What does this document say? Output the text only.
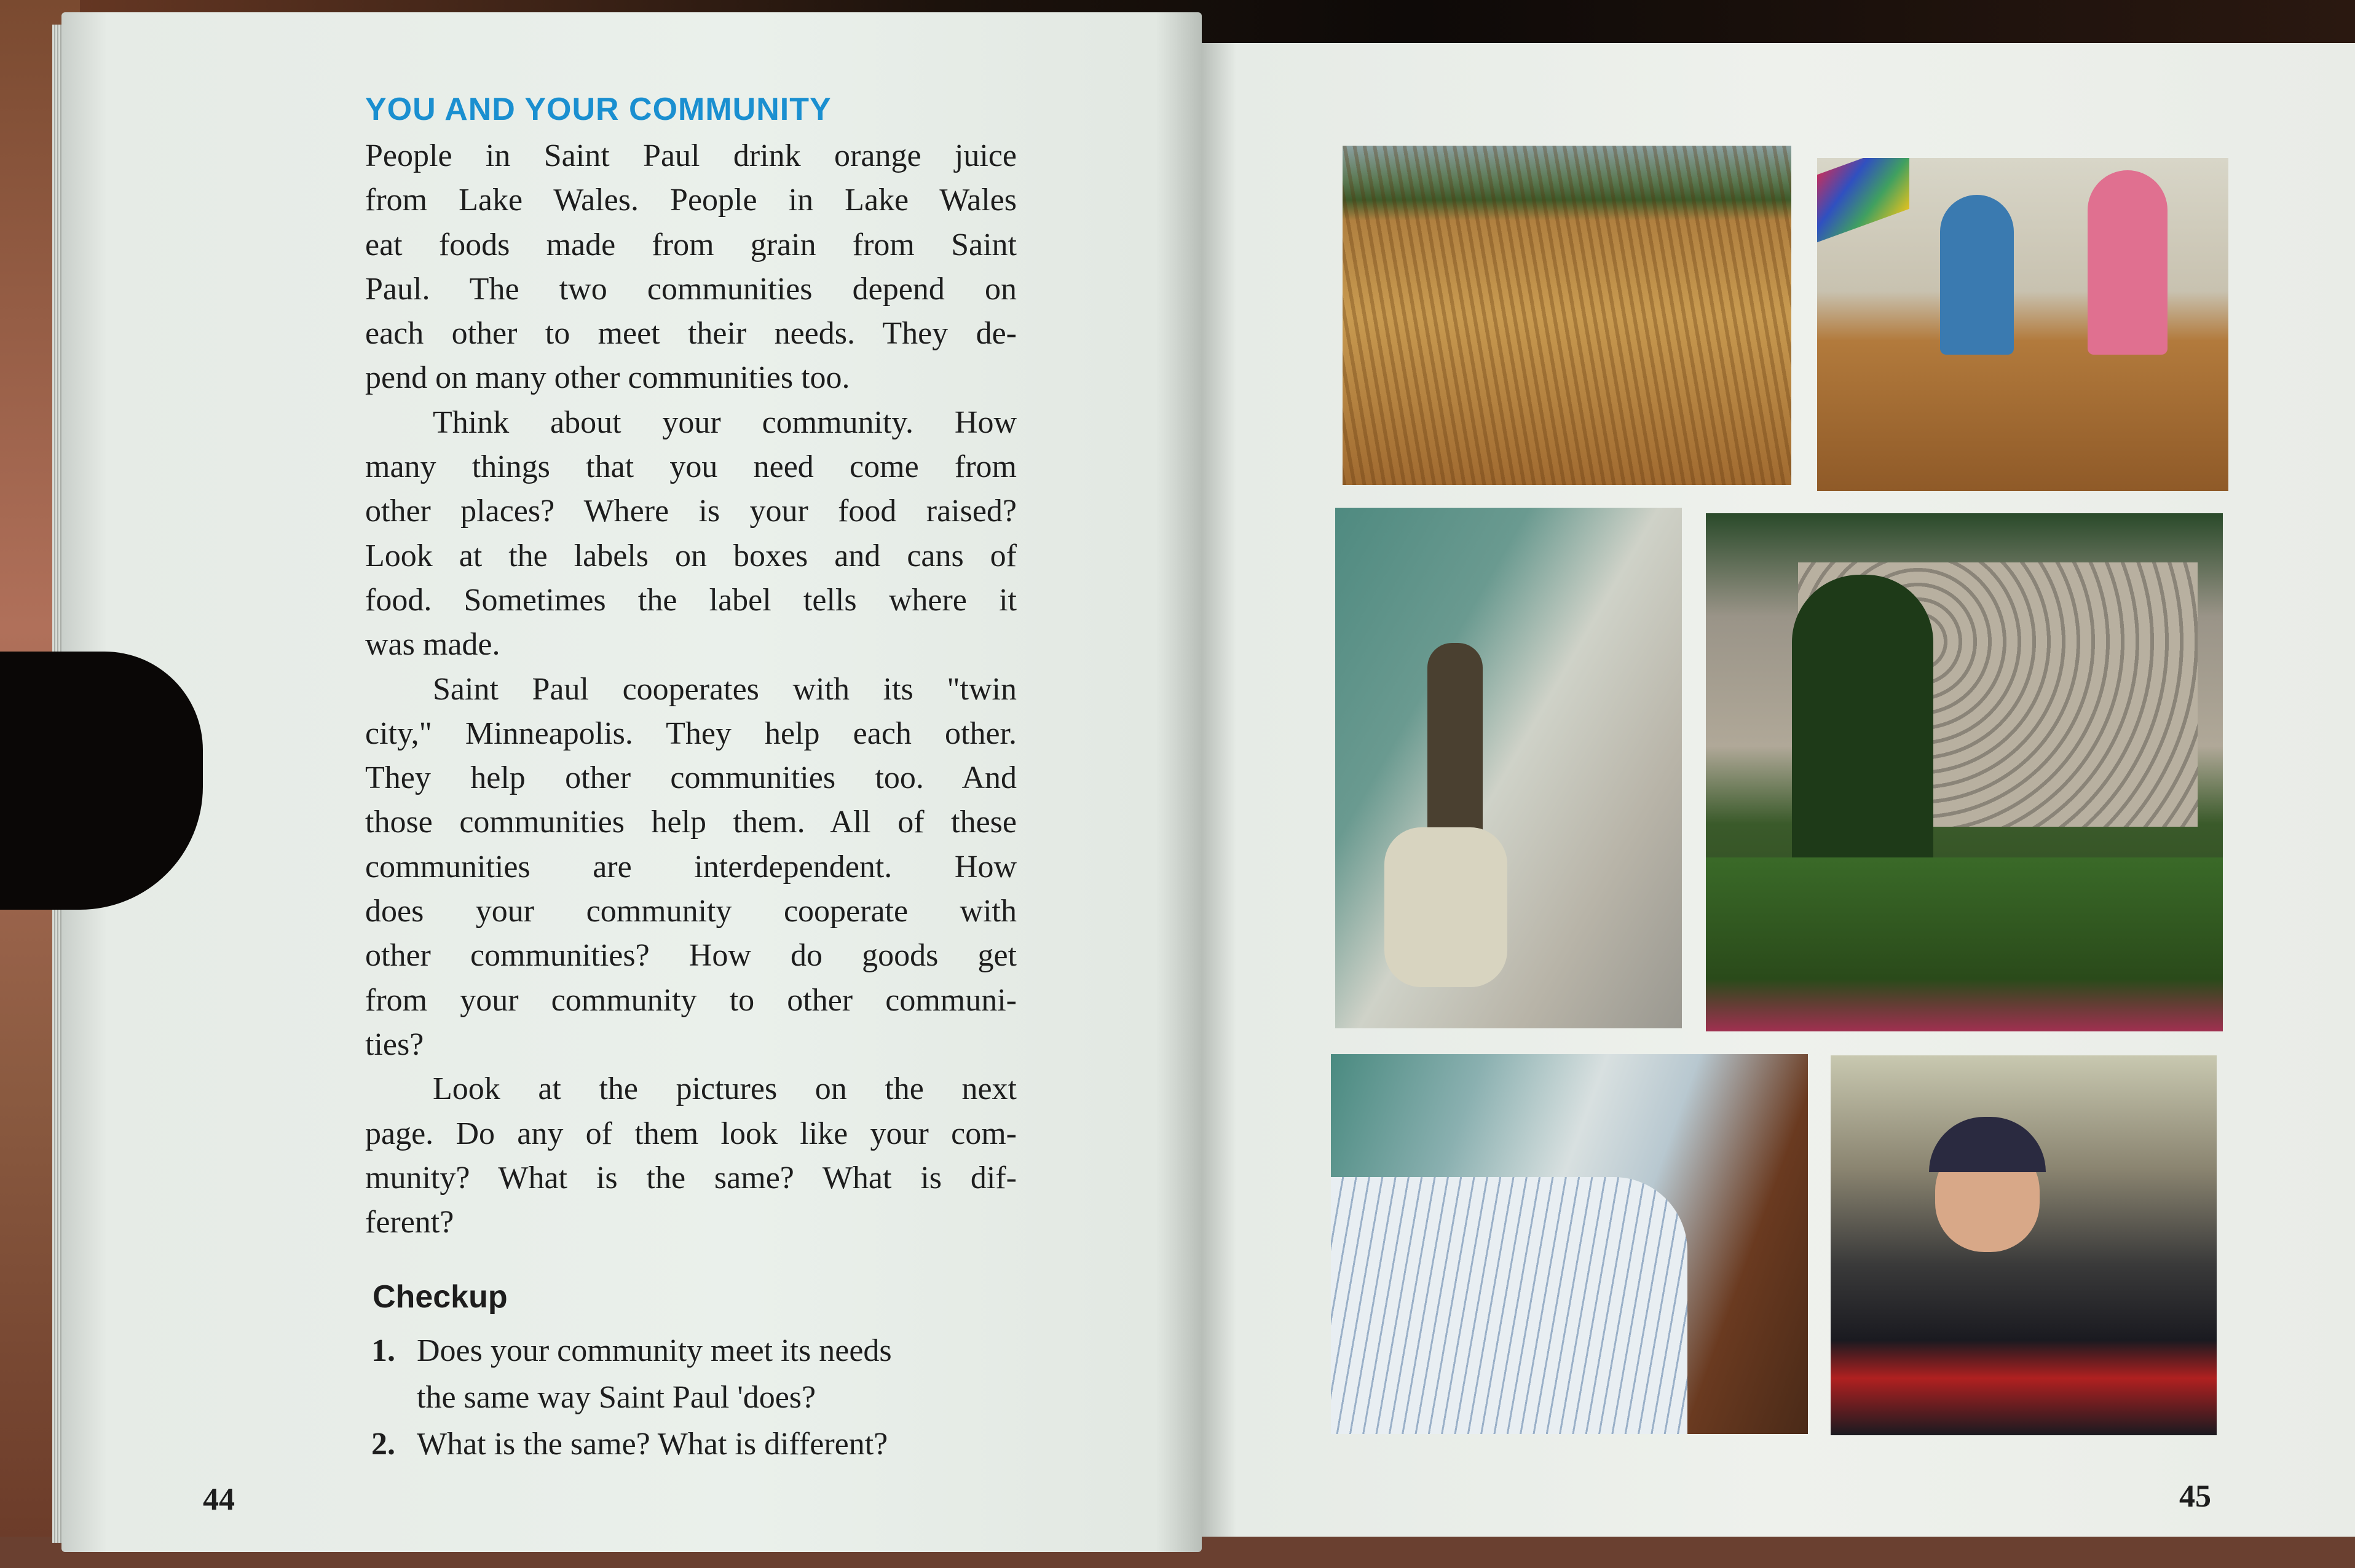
YOU AND YOUR COMMUNITY
People in Saint Paul drink orange juice
from Lake Wales. People in Lake Wales
eat foods made from grain from Saint
Paul. The two communities depend on
each other to meet their needs. They de-
pend on many other communities too.
Think about your community. How
many things that you need come from
other places? Where is your food raised?
Look at the labels on boxes and cans of
food. Sometimes the label tells where it
was made.
Saint Paul cooperates with its "twin
city," Minneapolis. They help each other.
They help other communities too. And
those communities help them. All of these
communities are interdependent. How
does your community cooperate with
other communities? How do goods get
from your community to other communi-
ties?
Look at the pictures on the next
page. Do any of them look like your com-
munity? What is the same? What is dif-
ferent?
Checkup
1. Does your community meet its needs
the same way Saint Paul 'does?
2. What is the same? What is different?
44	45
